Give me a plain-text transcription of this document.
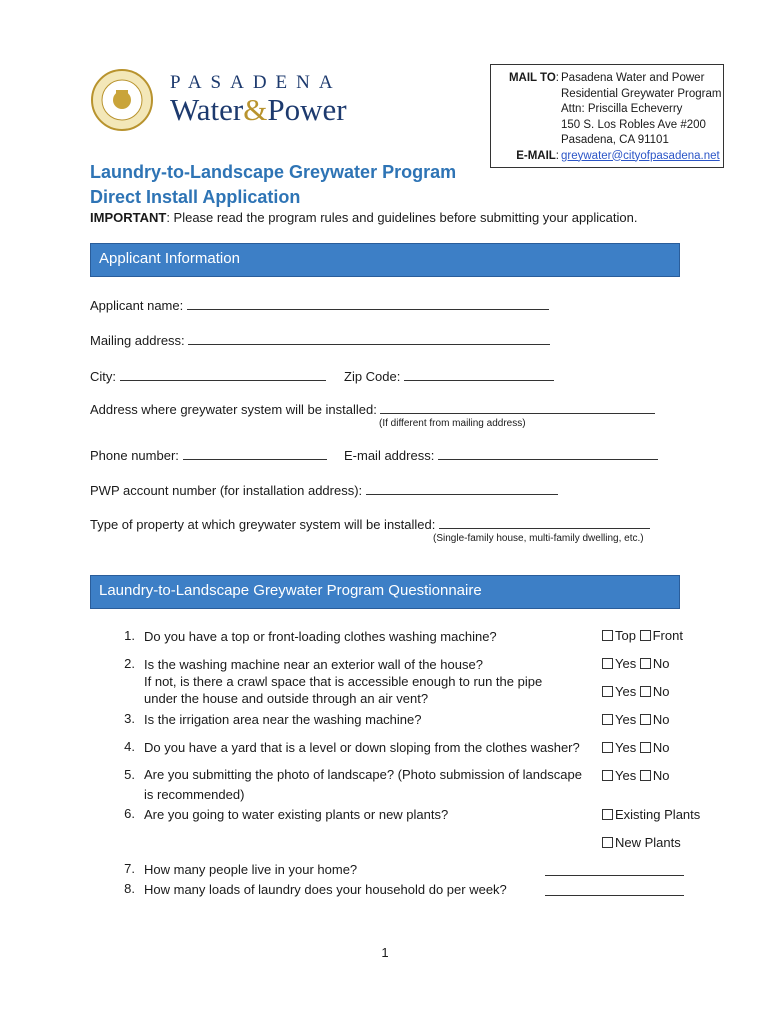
PASADENA
Water&Power
MAIL TO: Pasadena Water and Power
Residential Greywater Program
Attn: Priscilla Echeverry
150 S. Los Robles Ave #200
Pasadena, CA 91101
E-MAIL: greywater@cityofpasadena.net
Laundry-to-Landscape Greywater Program
Direct Install Application
IMPORTANT: Please read the program rules and guidelines before submitting your application.
Applicant Information
Applicant name:
Mailing address:
City:	Zip Code:
Address where greywater system will be installed:
(If different from mailing address)
Phone number:	E-mail address:
PWP account number (for installation address):
Type of property at which greywater system will be installed:
(Single-family house, multi-family dwelling, etc.)
Laundry-to-Landscape Greywater Program Questionnaire
1. Do you have a top or front-loading clothes washing machine?	Top Front
2. Is the washing machine near an exterior wall of the house?	Yes No
If not, is there a crawl space that is accessible enough to run the pipe under the house and outside through an air vent?	Yes No
3. Is the irrigation area near the washing machine?	Yes No
4. Do you have a yard that is a level or down sloping from the clothes washer?	Yes No
5. Are you submitting the photo of landscape? (Photo submission of landscape is recommended)
Yes No
6. Are you going to water existing plants or new plants?	Existing Plants
New Plants
7. How many people live in your home?
8. How many loads of laundry does your household do per week?
1
